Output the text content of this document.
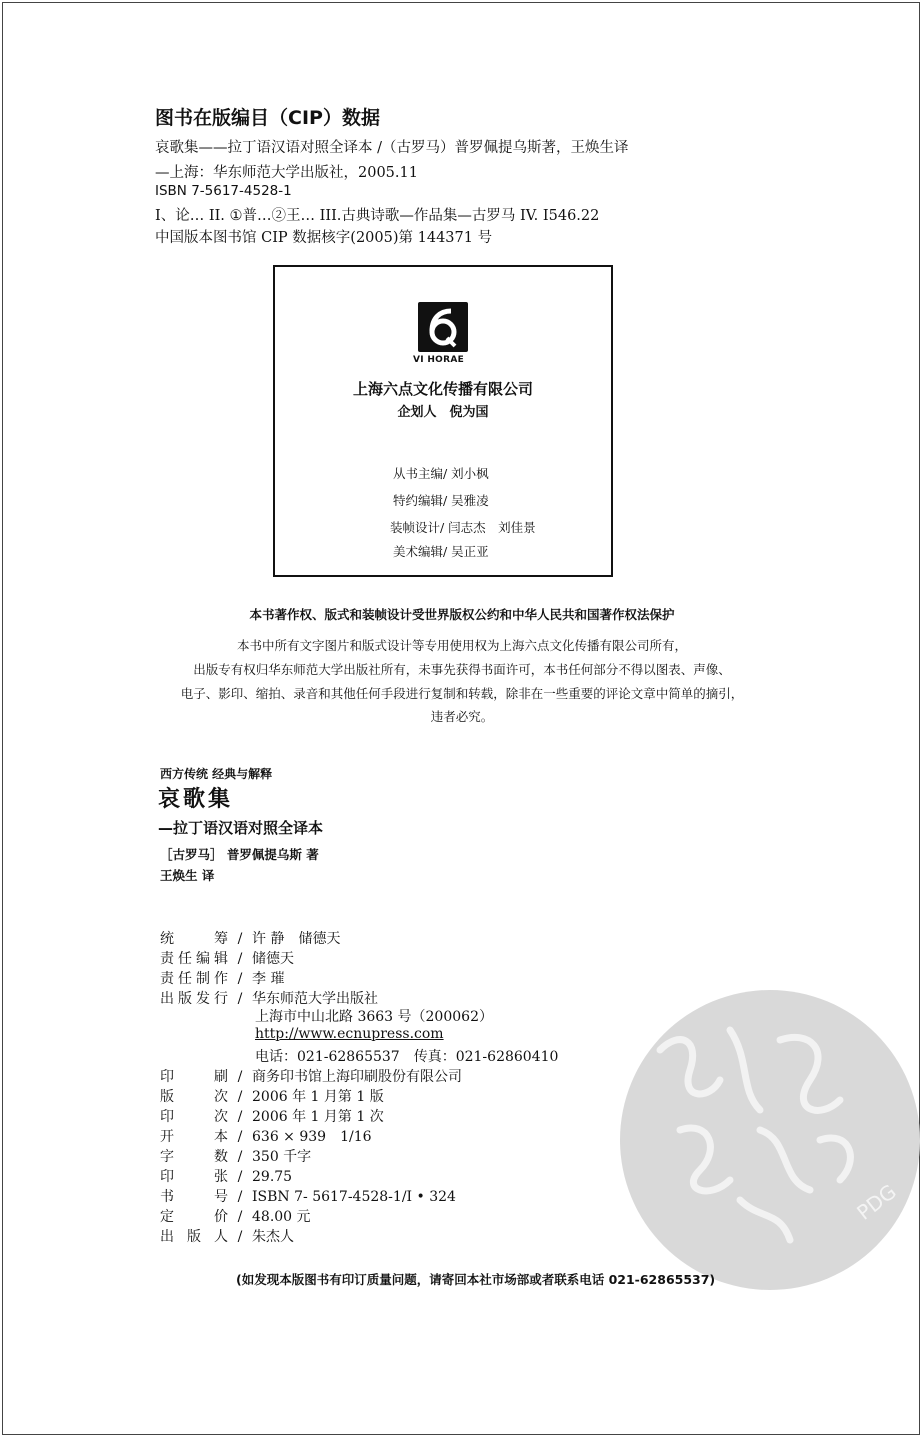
图书在版编目（CIP）数据
哀歌集——拉丁语汉语对照全译本 /（古罗马）普罗佩提乌斯著，王焕生译
—上海：华东师范大学出版社，2005.11
ISBN 7-5617-4528-1
I、论… II. ①普…②王… III.古典诗歌—作品集—古罗马 IV. I546.22
中国版本图书馆 CIP 数据核字(2005)第 144371 号
VI HORAE
上海六点文化传播有限公司
企划人　倪为国
从书主编/ 刘小枫
特约编辑/ 吴雅凌
装帧设计/ 闫志杰　刘佳景
美术编辑/ 吴正亚
本书著作权、版式和装帧设计受世界版权公约和中华人民共和国著作权法保护
本书中所有文字图片和版式设计等专用使用权为上海六点文化传播有限公司所有，
出版专有权归华东师范大学出版社所有，未事先获得书面许可，本书任何部分不得以图表、声像、
电子、影印、缩拍、录音和其他任何手段进行复制和转载，除非在一些重要的评论文章中简单的摘引，
违者必究。
西方传统 经典与解释
哀歌集
—拉丁语汉语对照全译本
［古罗马］ 普罗佩提乌斯 著
王焕生 译
统　　筹 / 许 静　储德天
责任编辑 / 储德天
责任制作 / 李 璀
出版发行 / 华东师范大学出版社
上海市中山北路 3663 号（200062）
http://www.ecnupress.com
电话：021-62865537　传真：021-62860410
印　　刷 / 商务印书馆上海印刷股份有限公司
版　　次 / 2006 年 1 月第 1 版
印　　次 / 2006 年 1 月第 1 次
开　　本 / 636 × 939　1/16
字　　数 / 350 千字
印　　张 / 29.75
书　　号 / ISBN 7- 5617-4528-1/I • 324
定　　价 / 48.00 元
出 版 人 / 朱杰人
PDG
(如发现本版图书有印订质量问题，请寄回本社市场部或者联系电话 021-62865537)
